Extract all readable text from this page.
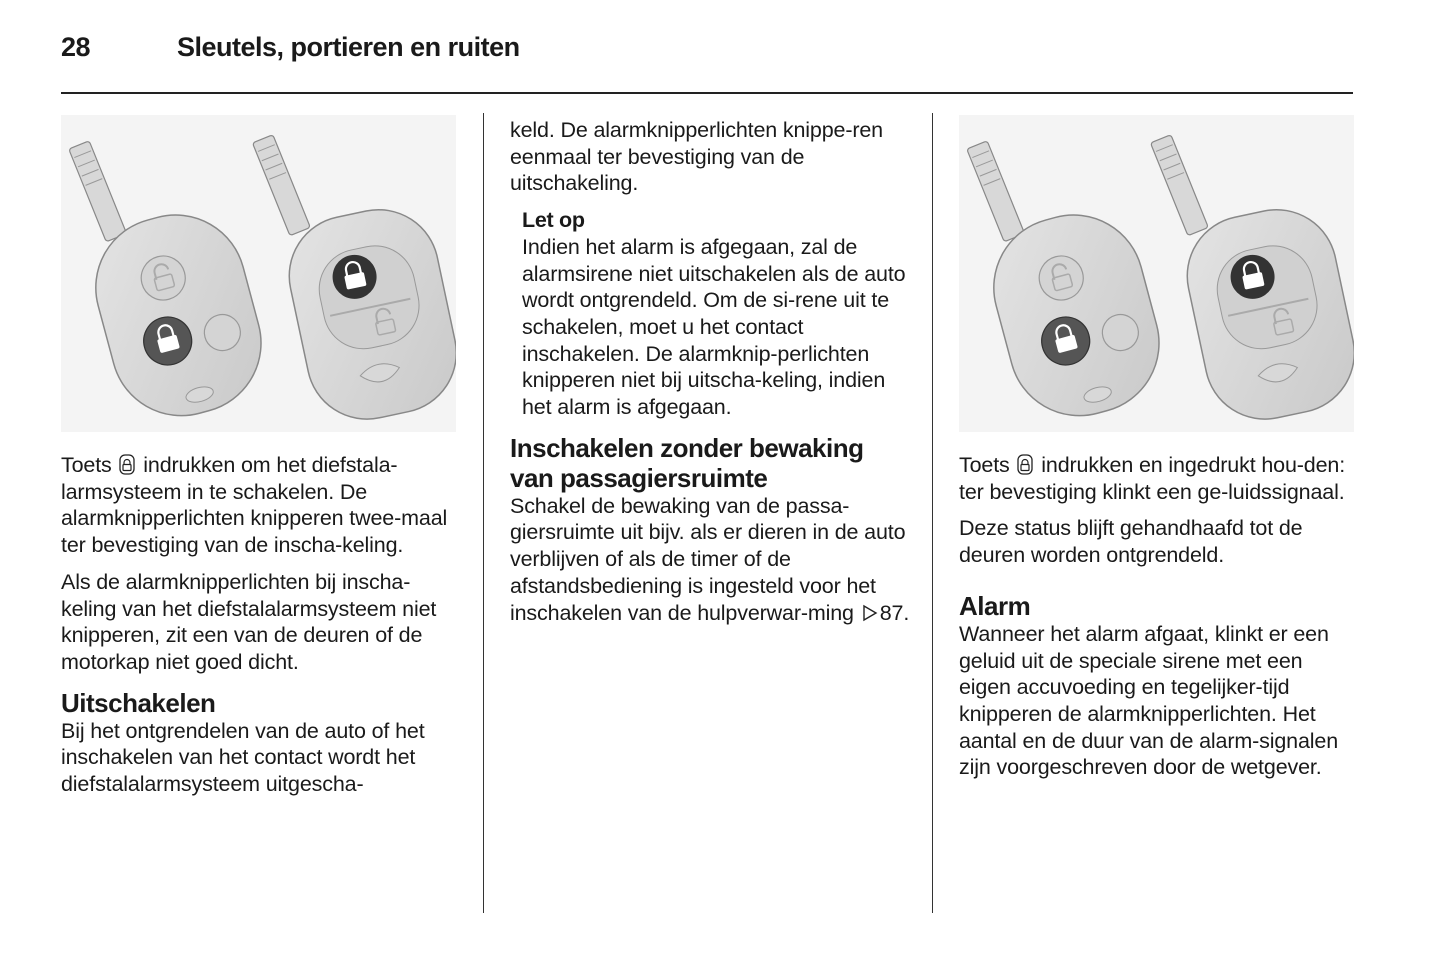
28	Sleutels, portieren en ruiten

Toets indrukken om het diefstala- larmsysteem in te schakelen. De alarmknipperlichten knipperen twee-maal ter bevestiging van de inscha-keling.

Als de alarmknipperlichten bij inscha-keling van het diefstalalarmsysteem niet knipperen, zit een van de deuren of de motorkap niet goed dicht.

Uitschakelen

Bij het ontgrendelen van de auto of het inschakelen van het contact wordt het diefstalalarmsysteem uitgescha-

keld. De alarmknipperlichten knippe-ren eenmaal ter bevestiging van de uitschakeling.

Let op

Indien het alarm is afgegaan, zal de alarmsirene niet uitschakelen als de auto wordt ontgrendeld. Om de si-rene uit te schakelen, moet u het contact inschakelen. De alarmknip-perlichten knipperen niet bij uitscha-keling, indien het alarm is afgegaan.

Inschakelen zonder bewaking van passagiersruimte

Schakel de bewaking van de passa-giersruimte uit bijv. als er dieren in de auto verblijven of als de timer of de afstandsbediening is ingesteld voor het inschakelen van de hulpverwar-ming 87.

Toets indrukken en ingedrukt hou-den: ter bevestiging klinkt een ge-luidssignaal.

Deze status blijft gehandhaafd tot de deuren worden ontgrendeld.

Alarm

Wanneer het alarm afgaat, klinkt er een geluid uit de speciale sirene met een eigen accuvoeding en tegelijker-tijd knipperen de alarmknipperlichten. Het aantal en de duur van de alarm-signalen zijn voorgeschreven door de wetgever.
